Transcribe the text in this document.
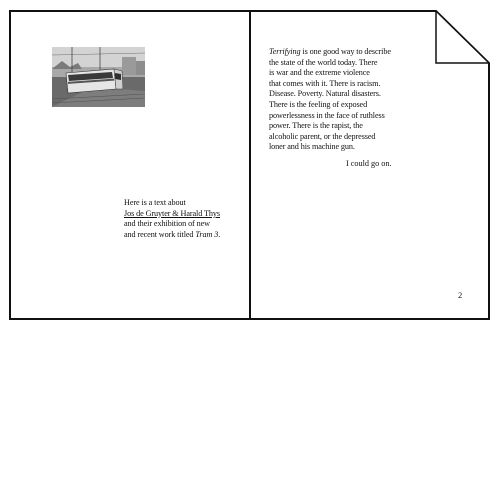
Here is a text about
Jos de Gruyter & Harald Thys
and their exhibition of new
and recent work titled Tram 3.
Terrifying is one good way to describe
the state of the world today. There
is war and the extreme violence
that comes with it. There is racism.
Disease. Poverty. Natural disasters.
There is the feeling of exposed
powerlessness in the face of ruthless
power. There is the rapist, the
alcoholic parent, or the depressed
loner and his machine gun.
I could go on.
2
